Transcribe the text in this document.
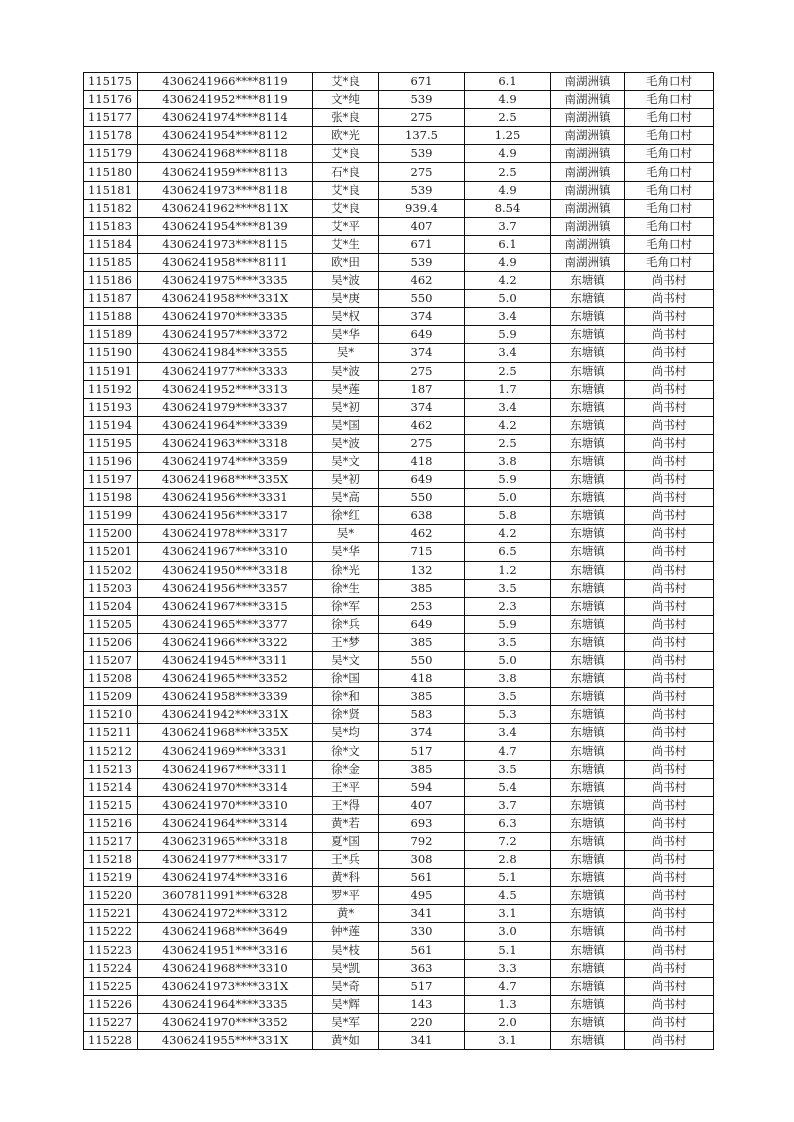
115175	4306241966****8119	艾*良	671	6.1	南湖洲镇	毛角口村
115176	4306241952****8119	文*纯	539	4.9	南湖洲镇	毛角口村
115177	4306241974****8114	张*良	275	2.5	南湖洲镇	毛角口村
115178	4306241954****8112	欧*光	137.5	1.25	南湖洲镇	毛角口村
115179	4306241968****8118	艾*良	539	4.9	南湖洲镇	毛角口村
115180	4306241959****8113	石*良	275	2.5	南湖洲镇	毛角口村
115181	4306241973****8118	艾*良	539	4.9	南湖洲镇	毛角口村
115182	4306241962****811X	艾*良	939.4	8.54	南湖洲镇	毛角口村
115183	4306241954****8139	艾*平	407	3.7	南湖洲镇	毛角口村
115184	4306241973****8115	艾*生	671	6.1	南湖洲镇	毛角口村
115185	4306241958****8111	欧*田	539	4.9	南湖洲镇	毛角口村
115186	4306241975****3335	吴*波	462	4.2	东塘镇	尚书村
115187	4306241958****331X	吴*庚	550	5.0	东塘镇	尚书村
115188	4306241970****3335	吴*权	374	3.4	东塘镇	尚书村
115189	4306241957****3372	吴*华	649	5.9	东塘镇	尚书村
115190	4306241984****3355	吴*	374	3.4	东塘镇	尚书村
115191	4306241977****3333	吴*波	275	2.5	东塘镇	尚书村
115192	4306241952****3313	吴*莲	187	1.7	东塘镇	尚书村
115193	4306241979****3337	吴*初	374	3.4	东塘镇	尚书村
115194	4306241964****3339	吴*国	462	4.2	东塘镇	尚书村
115195	4306241963****3318	吴*波	275	2.5	东塘镇	尚书村
115196	4306241974****3359	吴*文	418	3.8	东塘镇	尚书村
115197	4306241968****335X	吴*初	649	5.9	东塘镇	尚书村
115198	4306241956****3331	吴*高	550	5.0	东塘镇	尚书村
115199	4306241956****3317	徐*红	638	5.8	东塘镇	尚书村
115200	4306241978****3317	吴*	462	4.2	东塘镇	尚书村
115201	4306241967****3310	吴*华	715	6.5	东塘镇	尚书村
115202	4306241950****3318	徐*光	132	1.2	东塘镇	尚书村
115203	4306241956****3357	徐*生	385	3.5	东塘镇	尚书村
115204	4306241967****3315	徐*军	253	2.3	东塘镇	尚书村
115205	4306241965****3377	徐*兵	649	5.9	东塘镇	尚书村
115206	4306241966****3322	王*梦	385	3.5	东塘镇	尚书村
115207	4306241945****3311	吴*文	550	5.0	东塘镇	尚书村
115208	4306241965****3352	徐*国	418	3.8	东塘镇	尚书村
115209	4306241958****3339	徐*和	385	3.5	东塘镇	尚书村
115210	4306241942****331X	徐*贤	583	5.3	东塘镇	尚书村
115211	4306241968****335X	吴*均	374	3.4	东塘镇	尚书村
115212	4306241969****3331	徐*文	517	4.7	东塘镇	尚书村
115213	4306241967****3311	徐*金	385	3.5	东塘镇	尚书村
115214	4306241970****3314	王*平	594	5.4	东塘镇	尚书村
115215	4306241970****3310	王*得	407	3.7	东塘镇	尚书村
115216	4306241964****3314	黄*若	693	6.3	东塘镇	尚书村
115217	4306231965****3318	夏*国	792	7.2	东塘镇	尚书村
115218	4306241977****3317	王*兵	308	2.8	东塘镇	尚书村
115219	4306241974****3316	黄*科	561	5.1	东塘镇	尚书村
115220	3607811991****6328	罗*平	495	4.5	东塘镇	尚书村
115221	4306241972****3312	黄*	341	3.1	东塘镇	尚书村
115222	4306241968****3649	钟*莲	330	3.0	东塘镇	尚书村
115223	4306241951****3316	吴*枝	561	5.1	东塘镇	尚书村
115224	4306241968****3310	吴*凯	363	3.3	东塘镇	尚书村
115225	4306241973****331X	吴*奇	517	4.7	东塘镇	尚书村
115226	4306241964****3335	吴*辉	143	1.3	东塘镇	尚书村
115227	4306241970****3352	吴*军	220	2.0	东塘镇	尚书村
115228	4306241955****331X	黄*如	341	3.1	东塘镇	尚书村
